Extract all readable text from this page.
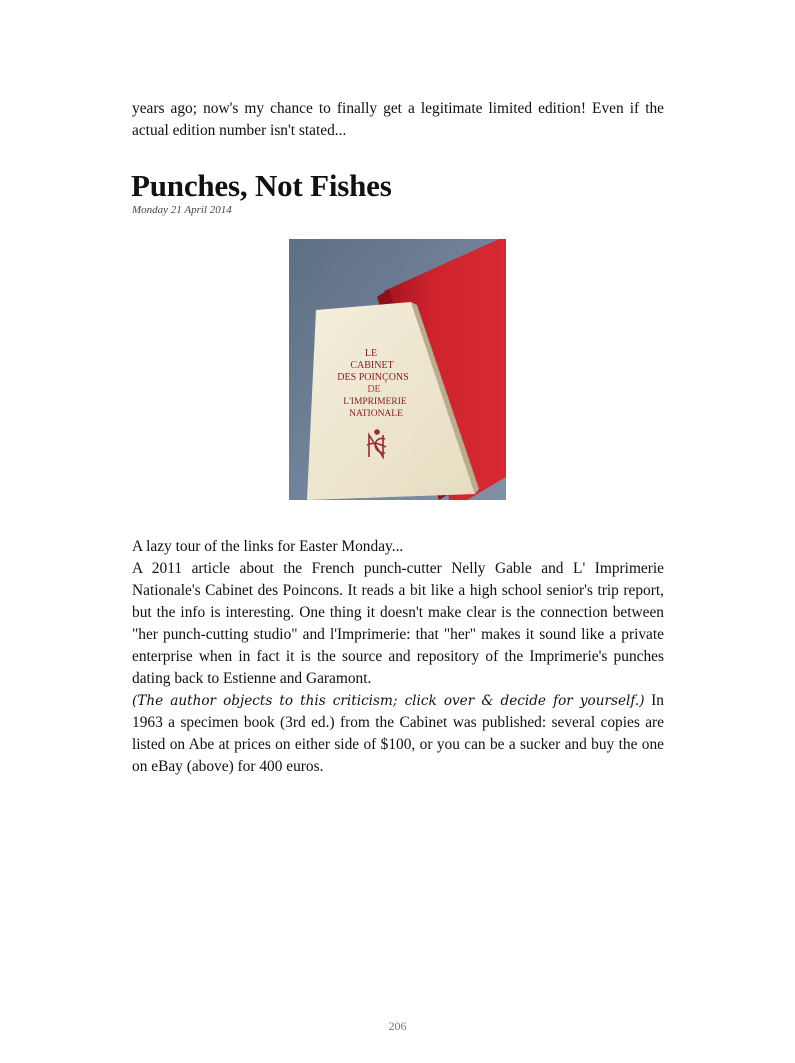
years ago; now's my chance to finally get a legitimate limited edition! Even if the actual edition number isn't stated...

Punches, Not Fishes

Monday 21 April 2014

LE
CABINET
DES POINÇONS
DE
L'IMPRIMERIE
NATIONALE

A lazy tour of the links for Easter Monday...

A 2011 article about the French punch-cutter Nelly Gable and L' Imprimerie Nationale's Cabinet des Poincons. It reads a bit like a high school senior's trip report, but the info is interesting. One thing it doesn't make clear is the connection between "her punch-cutting studio" and l'Imprimerie: that "her" makes it sound like a private enterprise when in fact it is the source and repository of the Imprimerie's punches dating back to Estienne and Garamont.
(The author objects to this criticism; click over & decide for yourself.) In 1963 a specimen book (3rd ed.) from the Cabinet was published: several copies are listed on Abe at prices on either side of $100, or you can be a sucker and buy the one on eBay (above) for 400 euros.

206
